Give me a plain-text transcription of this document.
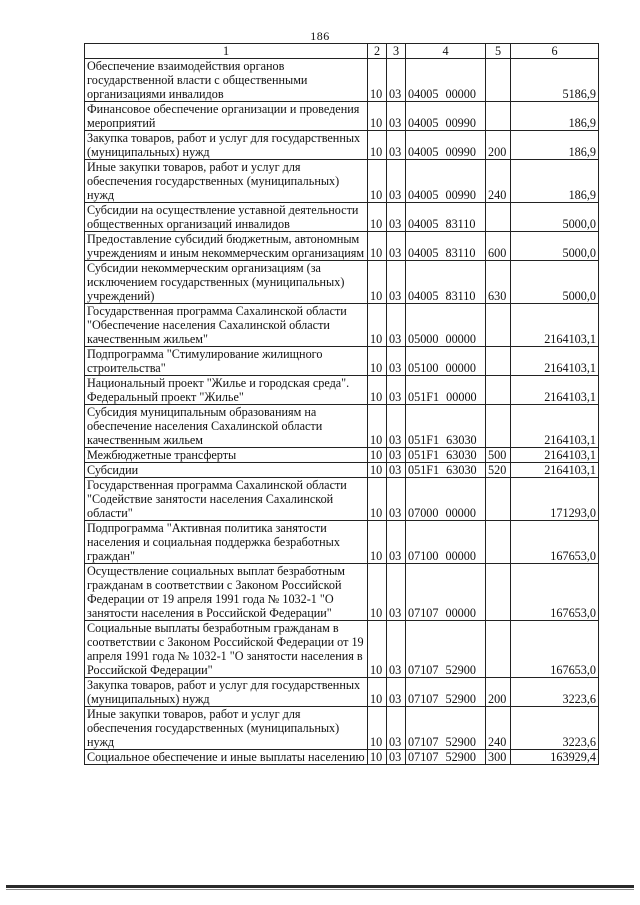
186
1	2	3	4	5	6
Обеспечение взаимодействия органов государственной власти с общественными организациями инвалидов	10	03	04005 00000		5186,9
Финансовое обеспечение организации и проведения мероприятий	10	03	04005 00990		186,9
Закупка товаров, работ и услуг для государственных (муниципальных) нужд	10	03	04005 00990	200	186,9
Иные закупки товаров, работ и услуг для обеспечения государственных (муниципальных) нужд	10	03	04005 00990	240	186,9
Субсидии на осуществление уставной деятельности общественных организаций инвалидов	10	03	04005 83110		5000,0
Предоставление субсидий бюджетным, автономным учреждениям и иным некоммерческим организациям	10	03	04005 83110	600	5000,0
Субсидии некоммерческим организациям (за исключением государственных (муниципальных) учреждений)	10	03	04005 83110	630	5000,0
Государственная программа Сахалинской области "Обеспечение населения Сахалинской области качественным жильем"	10	03	05000 00000		2164103,1
Подпрограмма "Стимулирование жилищного строительства"	10	03	05100 00000		2164103,1
Национальный проект "Жилье и городская среда". Федеральный проект "Жилье"	10	03	051F1 00000		2164103,1
Субсидия муниципальным образованиям на обеспечение населения Сахалинской области качественным жильем	10	03	051F1 63030		2164103,1
Межбюджетные трансферты	10	03	051F1 63030	500	2164103,1
Субсидии	10	03	051F1 63030	520	2164103,1
Государственная программа Сахалинской области "Содействие занятости населения Сахалинской области"	10	03	07000 00000		171293,0
Подпрограмма "Активная политика занятости населения и социальная поддержка безработных граждан"	10	03	07100 00000		167653,0
Осуществление социальных выплат безработным гражданам в соответствии с Законом Российской Федерации от 19 апреля 1991 года № 1032-1 "О занятости населения в Российской Федерации"	10	03	07107 00000		167653,0
Социальные выплаты безработным гражданам в соответствии с Законом Российской Федерации от 19 апреля 1991 года № 1032-1 "О занятости населения в Российской Федерации"	10	03	07107 52900		167653,0
Закупка товаров, работ и услуг для государственных (муниципальных) нужд	10	03	07107 52900	200	3223,6
Иные закупки товаров, работ и услуг для обеспечения государственных (муниципальных) нужд	10	03	07107 52900	240	3223,6
Социальное обеспечение и иные выплаты населению	10	03	07107 52900	300	163929,4
